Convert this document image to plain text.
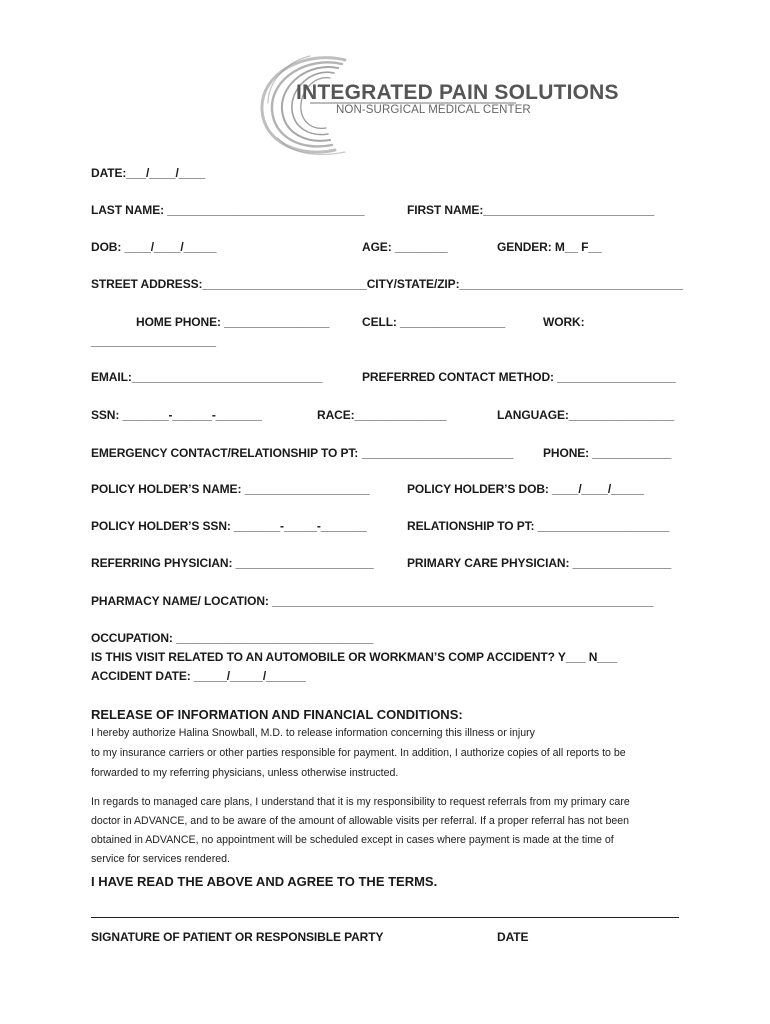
INTEGRATED PAIN SOLUTIONS
NON-SURGICAL MEDICAL CENTER
DATE:___/____/____
LAST NAME: ______________________________	FIRST NAME:__________________________
DOB: ____/____/_____	AGE: ________	GENDER: M__ F__
STREET ADDRESS:_________________________CITY/STATE/ZIP:__________________________________
HOME PHONE: ________________	CELL: ________________	WORK:
___________________
EMAIL:_____________________________	PREFERRED CONTACT METHOD: __________________
SSN: _______-______-_______	RACE:______________	LANGUAGE:________________
EMERGENCY CONTACT/RELATIONSHIP TO PT: _______________________ PHONE: ____________
POLICY HOLDER’S NAME: ___________________	POLICY HOLDER’S DOB: ____/____/_____
POLICY HOLDER’S SSN: _______-_____-_______	RELATIONSHIP TO PT: ____________________
REFERRING PHYSICIAN: _____________________	PRIMARY CARE PHYSICIAN: _______________
PHARMACY NAME/ LOCATION: __________________________________________________________
OCCUPATION: ______________________________
IS THIS VISIT RELATED TO AN AUTOMOBILE OR WORKMAN’S COMP ACCIDENT? Y___ N___
ACCIDENT DATE: _____/_____/______
RELEASE OF INFORMATION AND FINANCIAL CONDITIONS:
I hereby authorize Halina Snowball, M.D. to release information concerning this illness or injury
to my insurance carriers or other parties responsible for payment. In addition, I authorize copies of all reports to be
forwarded to my referring physicians, unless otherwise instructed.
In regards to managed care plans, I understand that it is my responsibility to request referrals from my primary care
doctor in ADVANCE, and to be aware of the amount of allowable visits per referral. If a proper referral has not been
obtained in ADVANCE, no appointment will be scheduled except in cases where payment is made at the time of
service for services rendered.
I HAVE READ THE ABOVE AND AGREE TO THE TERMS.
SIGNATURE OF PATIENT OR RESPONSIBLE PARTY	DATE
